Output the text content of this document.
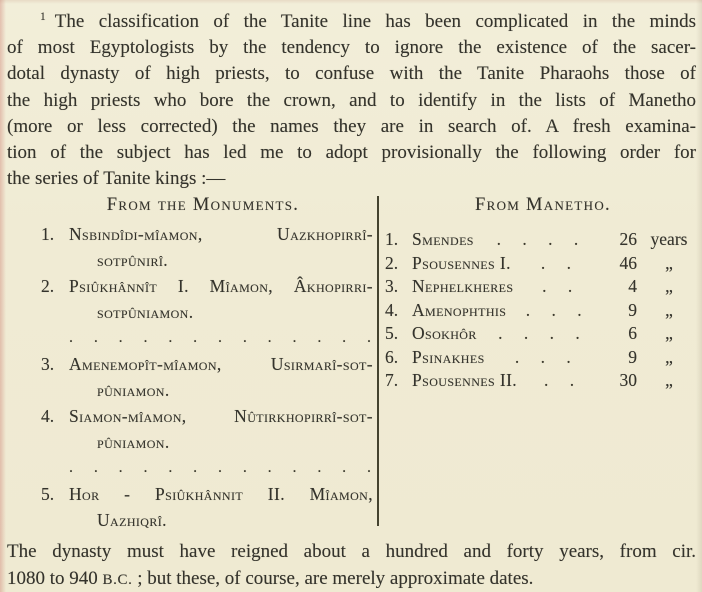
$^1$ The classification of the Tanite line has been complicated in the minds
of most Egyptologists by the tendency to ignore the existence of the sacer-
dotal dynasty of high priests, to confuse with the Tanite Pharaohs those of
the high priests who bore the crown, and to identify in the lists of Manetho
(more or less corrected) the names they are in search of. A fresh examina-
tion of the subject has led me to adopt provisionally the following order for
the series of Tanite kings :—
From the Monuments.
1. Nsbindîdi-mîamon, Uazkhopirrî-
sotpûnirî.
2. Psiûkhânnît I. Mîamon, Âkhopirri-
sotpûniamon.
. . . . . . . . . . . . .
3. Amenemopît-mîamon, Usirmarî-sot-
pûniamon.
4. Siamon-mîamon, Nûtirkhopirrî-sot-
pûniamon.
. . . . . . . . . . . . .
5. Hor - Psiûkhânnit II. Mîamon,
Uazhiqrî.
From Manetho.
1. Smendes	. . . .	26 years
2. Psousennes I.	. .	46	„
3. Nephelkheres	. .	4	„
4. Amenophthis	. . .	9	„
5. Osokhôr	. . . .	6	„
6. Psinakhes	. . .	9	„
7. Psousennes II.	. .	30	„
The dynasty must have reigned about a hundred and forty years, from cir.
1080 to 940 B.C. ; but these, of course, are merely approximate dates.
